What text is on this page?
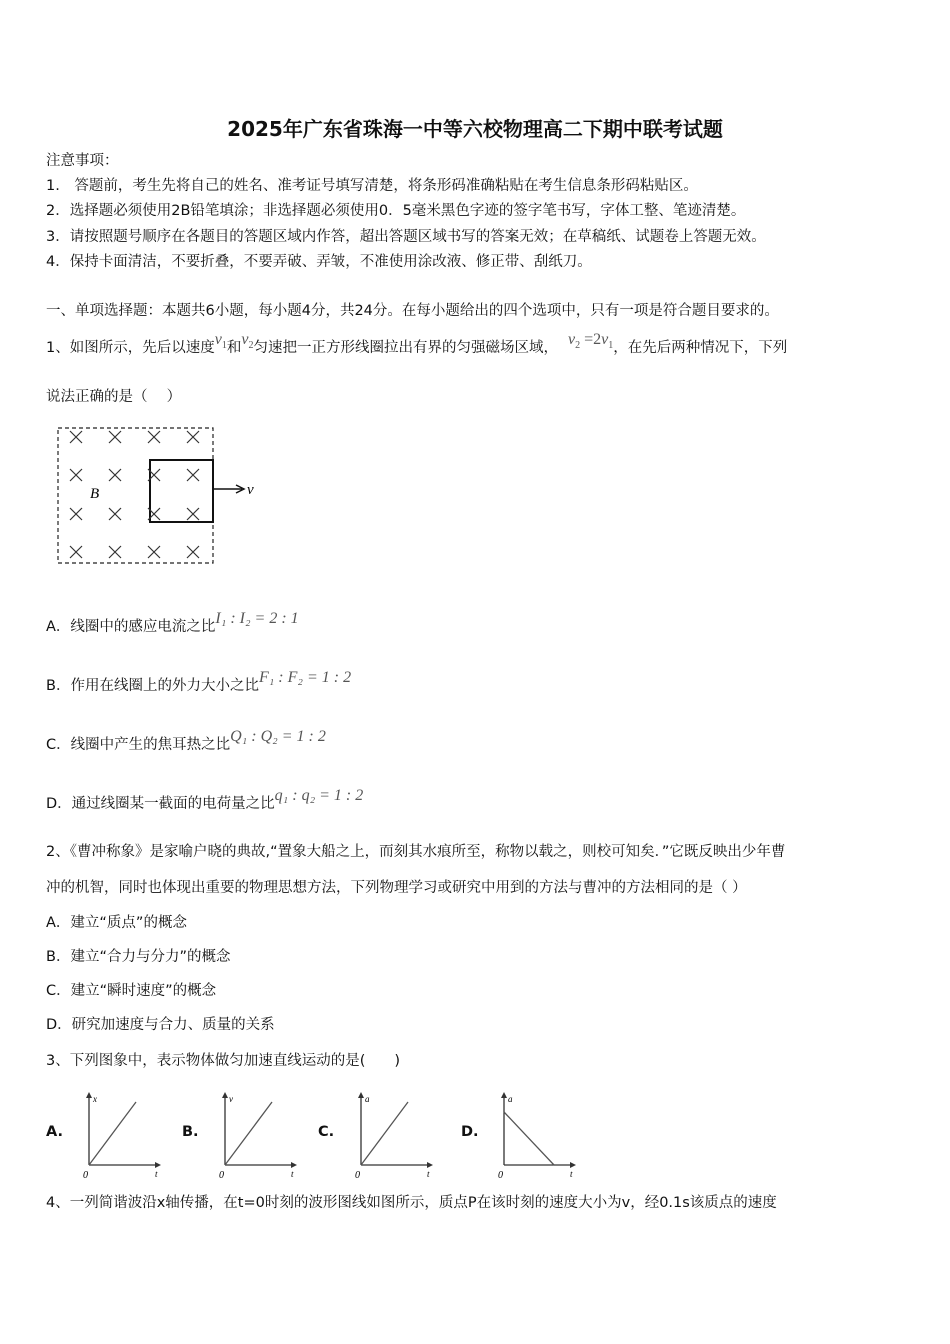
2025年广东省珠海一中等六校物理高二下期中联考试题
注意事项：
1.　答题前，考生先将自己的姓名、准考证号填写清楚，将条形码准确粘贴在考生信息条形码粘贴区。
2．选择题必须使用2B铅笔填涂；非选择题必须使用0．5毫米黑色字迹的签字笔书写，字体工整、笔迹清楚。
3．请按照题号顺序在各题目的答题区域内作答，超出答题区域书写的答案无效；在草稿纸、试题卷上答题无效。
4．保持卡面清洁，不要折叠，不要弄破、弄皱，不准使用涂改液、修正带、刮纸刀。
一、单项选择题：本题共6小题，每小题4分，共24分。在每小题给出的四个选项中，只有一项是符合题目要求的。
1、如图所示，先后以速度$v_1$和$v_2$匀速把一正方形线圈拉出有界的匀强磁场区域， $v_2 =2v_1$，在先后两种情况下，下列
说法正确的是（　 ）
B	v
A．线圈中的感应电流之比I₁ : I₂ = 2 : 1
B．作用在线圈上的外力大小之比F₁ : F₂ = 1 : 2
C．线圈中产生的焦耳热之比Q₁ : Q₂ = 1 : 2
D．通过线圈某一截面的电荷量之比q₁ : q₂ = 1 : 2
2、《曹冲称象》是家喻户晓的典故,“置象大船之上，而刻其水痕所至，称物以载之，则校可知矣．”它既反映出少年曹
冲的机智，同时也体现出重要的物理思想方法，下列物理学习或研究中用到的方法与曹冲的方法相同的是（ ）
A．建立“质点”的概念
B．建立“合力与分力”的概念
C．建立“瞬时速度”的概念
D．研究加速度与合力、质量的关系
3、下列图象中，表示物体做匀加速直线运动的是(　　)
A.
x
t
0
B.
v
t
0
C.
a
t
0
D.
a
t
0
4、一列简谐波沿x轴传播，在t=0时刻的波形图线如图所示，质点P在该时刻的速度大小为v，经0.1s该质点的速度
